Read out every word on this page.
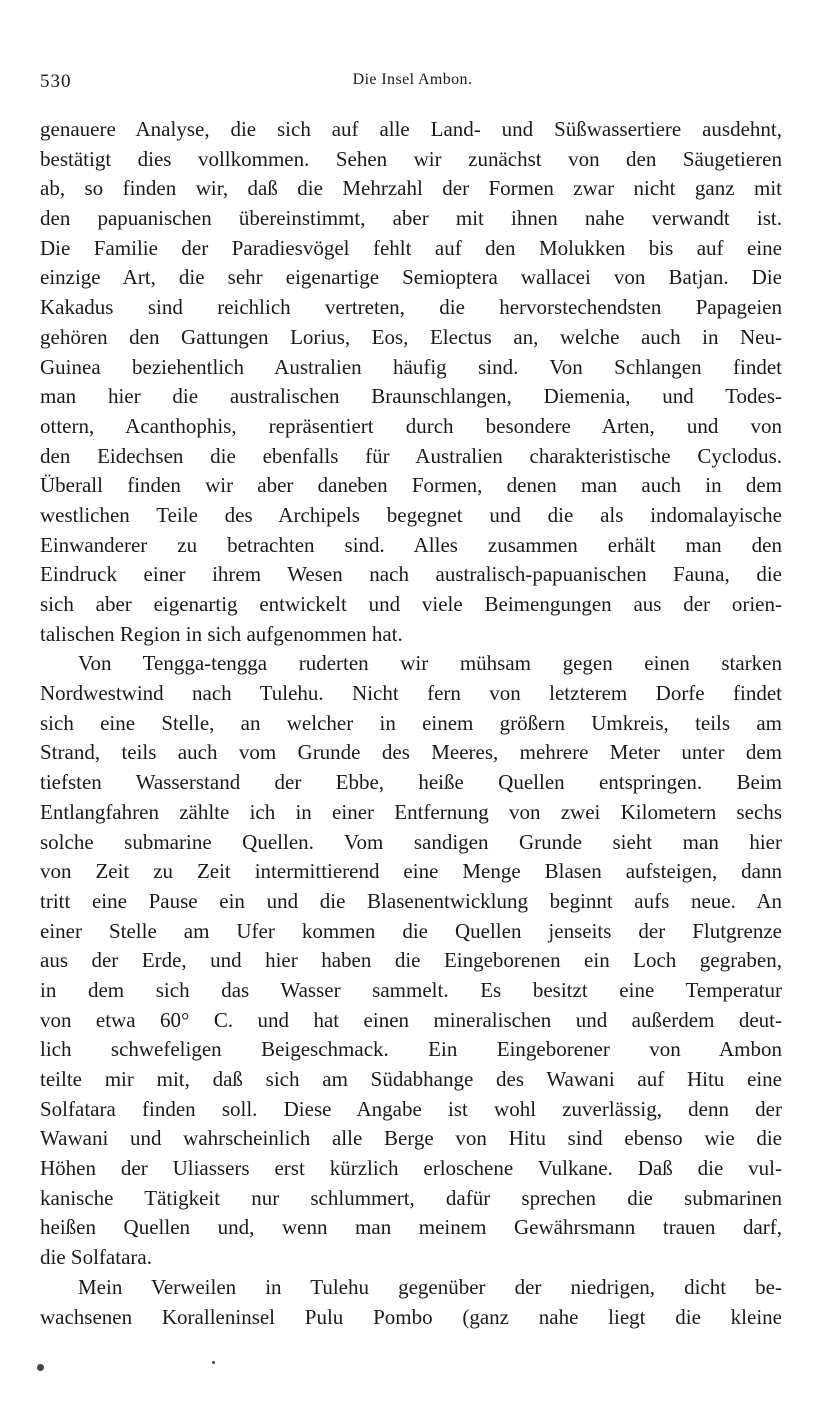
530	Die Insel Ambon.
genauere Analyse, die sich auf alle Land- und Süßwassertiere ausdehnt,
bestätigt dies vollkommen. Sehen wir zunächst von den Säugetieren
ab, so finden wir, daß die Mehrzahl der Formen zwar nicht ganz mit
den papuanischen übereinstimmt, aber mit ihnen nahe verwandt ist.
Die Familie der Paradiesvögel fehlt auf den Molukken bis auf eine
einzige Art, die sehr eigenartige Semioptera wallacei von Batjan. Die
Kakadus sind reichlich vertreten, die hervorstechendsten Papageien
gehören den Gattungen Lorius, Eos, Electus an, welche auch in Neu-
Guinea beziehentlich Australien häufig sind. Von Schlangen findet
man hier die australischen Braunschlangen, Diemenia, und Todes-
ottern, Acanthophis, repräsentiert durch besondere Arten, und von
den Eidechsen die ebenfalls für Australien charakteristische Cyclodus.
Überall finden wir aber daneben Formen, denen man auch in dem
westlichen Teile des Archipels begegnet und die als indomalayische
Einwanderer zu betrachten sind. Alles zusammen erhält man den
Eindruck einer ihrem Wesen nach australisch-papuanischen Fauna, die
sich aber eigenartig entwickelt und viele Beimengungen aus der orien-
talischen Region in sich aufgenommen hat.
Von Tengga-tengga ruderten wir mühsam gegen einen starken
Nordwestwind nach Tulehu. Nicht fern von letzterem Dorfe findet
sich eine Stelle, an welcher in einem größern Umkreis, teils am
Strand, teils auch vom Grunde des Meeres, mehrere Meter unter dem
tiefsten Wasserstand der Ebbe, heiße Quellen entspringen. Beim
Entlangfahren zählte ich in einer Entfernung von zwei Kilometern sechs
solche submarine Quellen. Vom sandigen Grunde sieht man hier
von Zeit zu Zeit intermittierend eine Menge Blasen aufsteigen, dann
tritt eine Pause ein und die Blasenentwicklung beginnt aufs neue. An
einer Stelle am Ufer kommen die Quellen jenseits der Flutgrenze
aus der Erde, und hier haben die Eingeborenen ein Loch gegraben,
in dem sich das Wasser sammelt. Es besitzt eine Temperatur
von etwa 60° C. und hat einen mineralischen und außerdem deut-
lich schwefeligen Beigeschmack. Ein Eingeborener von Ambon
teilte mir mit, daß sich am Südabhange des Wawani auf Hitu eine
Solfatara finden soll. Diese Angabe ist wohl zuverlässig, denn der
Wawani und wahrscheinlich alle Berge von Hitu sind ebenso wie die
Höhen der Uliassers erst kürzlich erloschene Vulkane. Daß die vul-
kanische Tätigkeit nur schlummert, dafür sprechen die submarinen
heißen Quellen und, wenn man meinem Gewährsmann trauen darf,
die Solfatara.
Mein Verweilen in Tulehu gegenüber der niedrigen, dicht be-
wachsenen Koralleninsel Pulu Pombo (ganz nahe liegt die kleine
